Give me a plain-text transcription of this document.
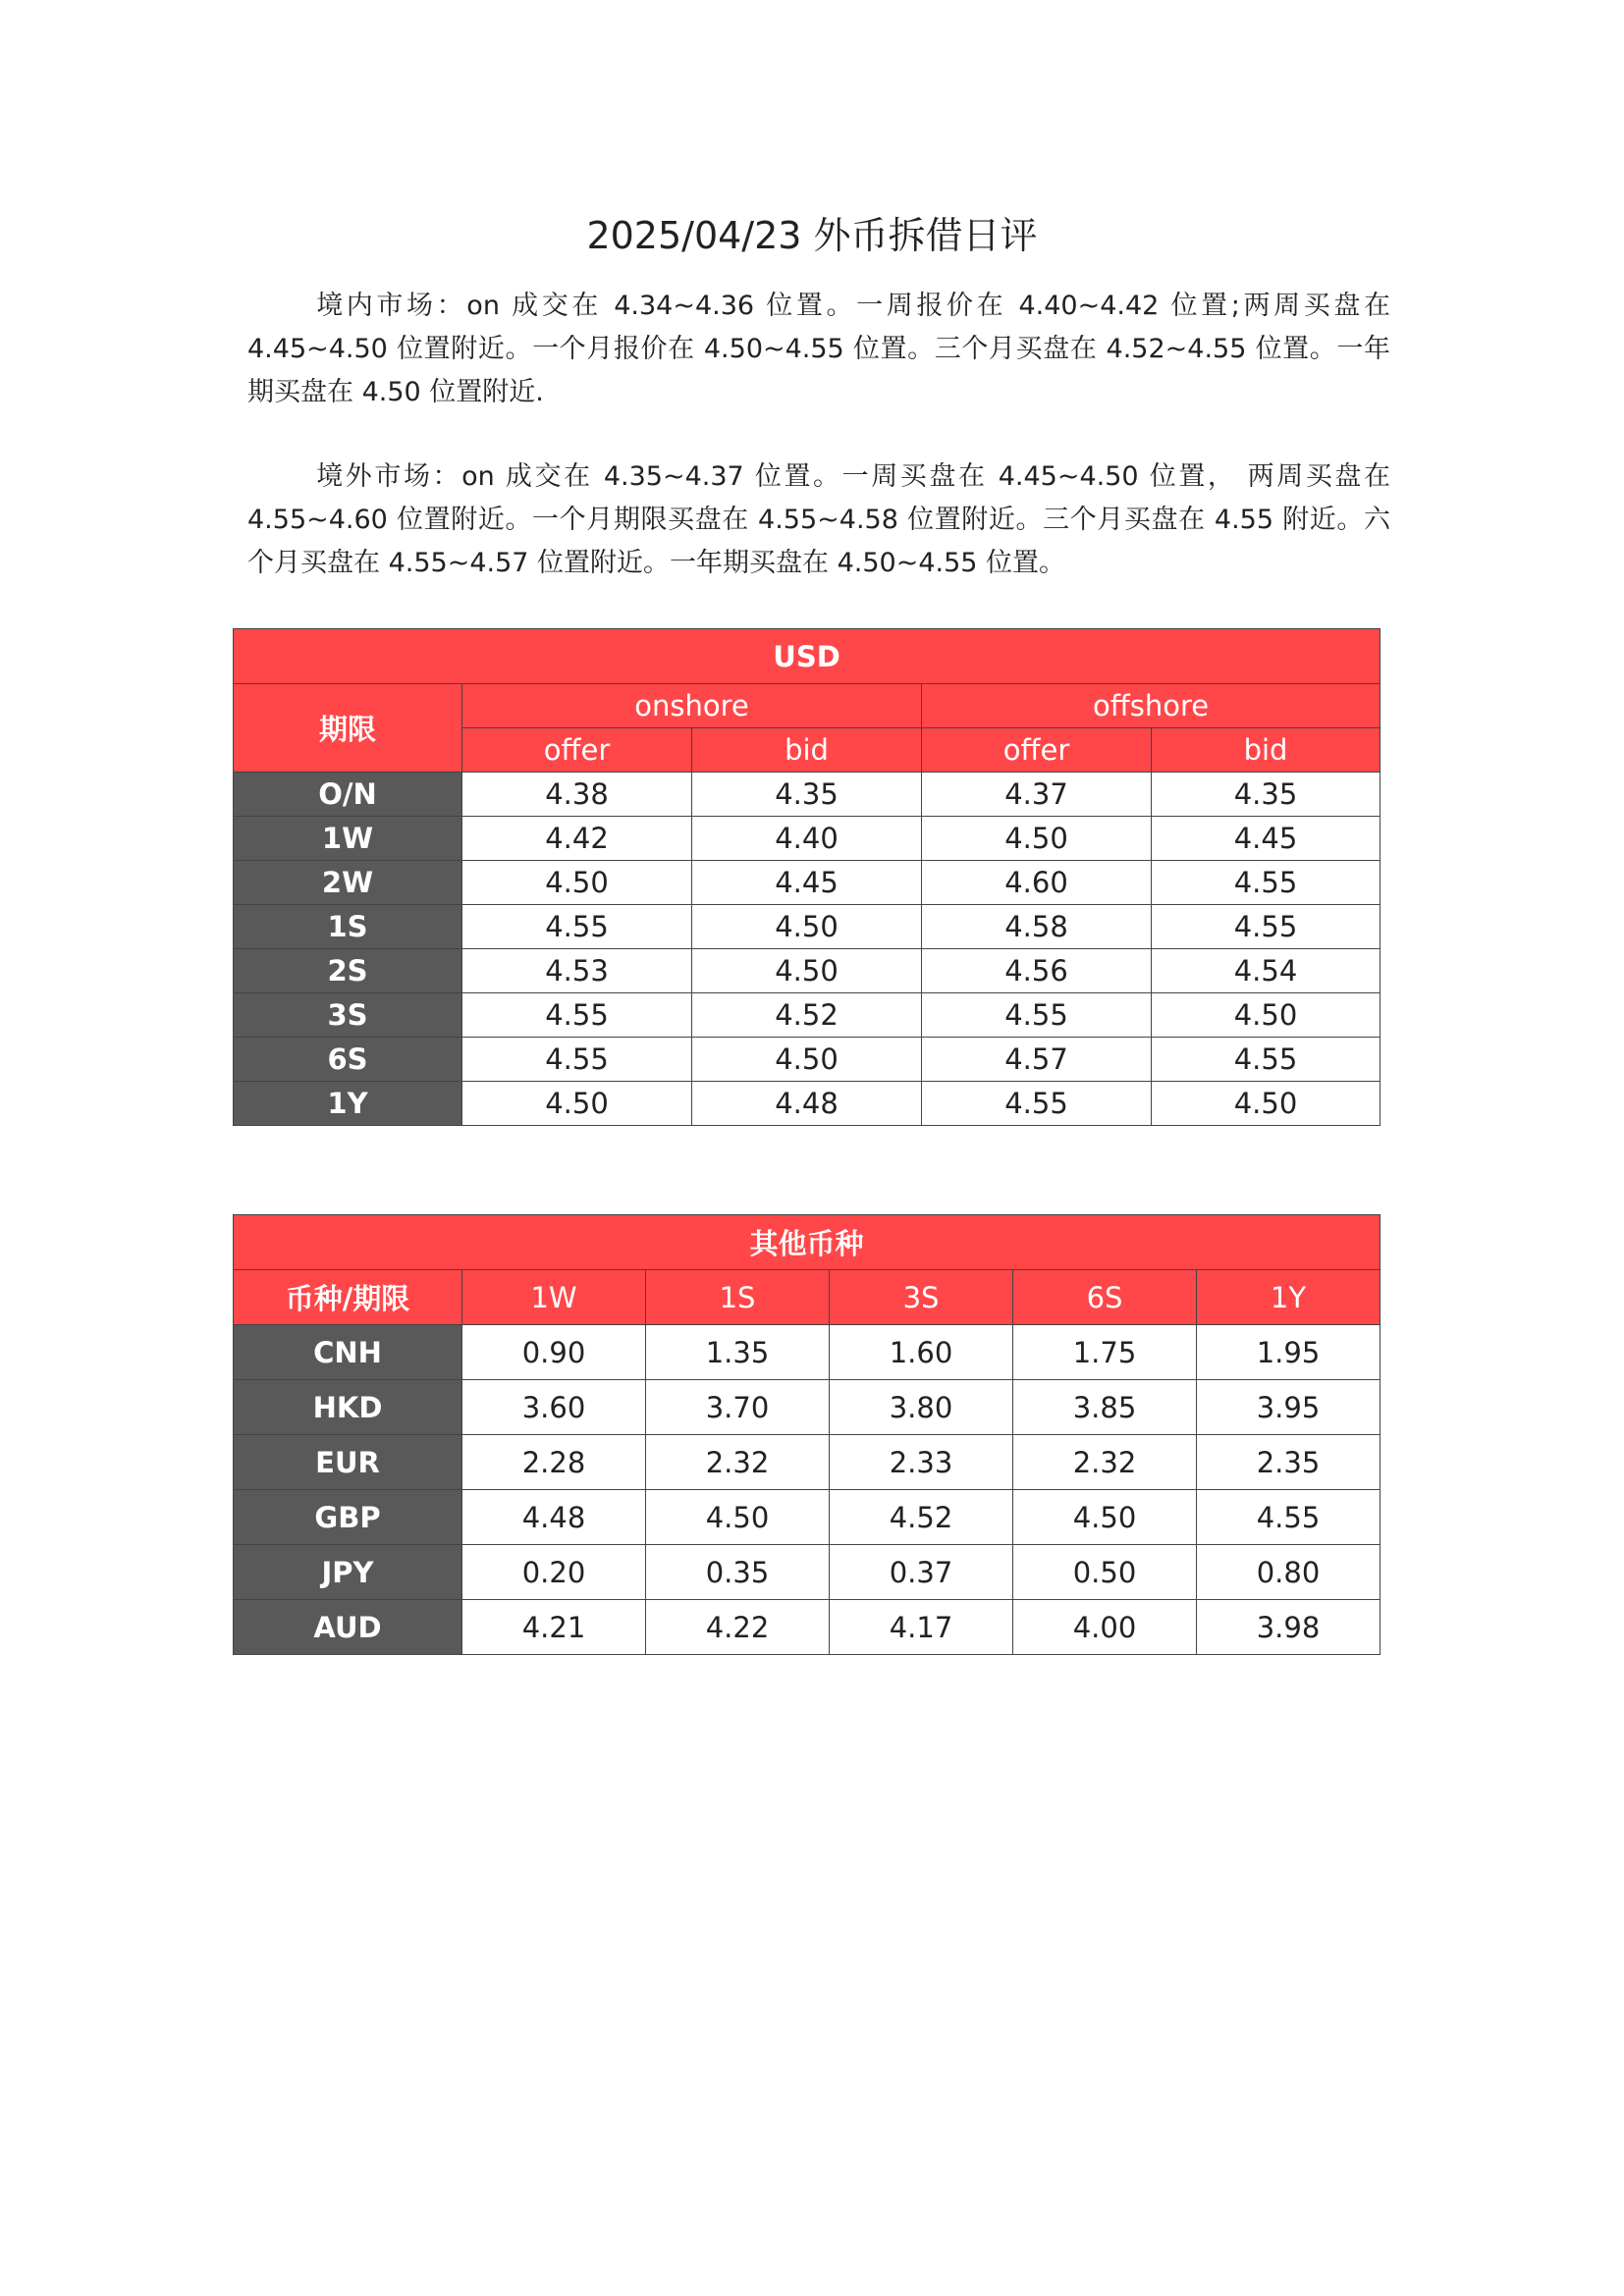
2025/04/23 外币拆借日评

境内市场：on 成交在 4.34~4.36 位置。一周报价在 4.40~4.42 位置;两周买盘在 4.45~4.50 位置附近。一个月报价在 4.50~4.55 位置。三个月买盘在 4.52~4.55 位置。一年期买盘在 4.50 位置附近.

境外市场：on 成交在 4.35~4.37 位置。一周买盘在 4.45~4.50 位置， 两周买盘在 4.55~4.60 位置附近。一个月期限买盘在 4.55~4.58 位置附近。三个月买盘在 4.55 附近。六个月买盘在 4.55~4.57 位置附近。一年期买盘在 4.50~4.55 位置。

USD				
期限	onshore		offshore	
	offer	bid	offer	bid
O/N	4.38	4.35	4.37	4.35
1W	4.42	4.40	4.50	4.45
2W	4.50	4.45	4.60	4.55
1S	4.55	4.50	4.58	4.55
2S	4.53	4.50	4.56	4.54
3S	4.55	4.52	4.55	4.50
6S	4.55	4.50	4.57	4.55
1Y	4.50	4.48	4.55	4.50
其他币种					
币种/期限	1W	1S	3S	6S	1Y
CNH	0.90	1.35	1.60	1.75	1.95
HKD	3.60	3.70	3.80	3.85	3.95
EUR	2.28	2.32	2.33	2.32	2.35
GBP	4.48	4.50	4.52	4.50	4.55
JPY	0.20	0.35	0.37	0.50	0.80
AUD	4.21	4.22	4.17	4.00	3.98
